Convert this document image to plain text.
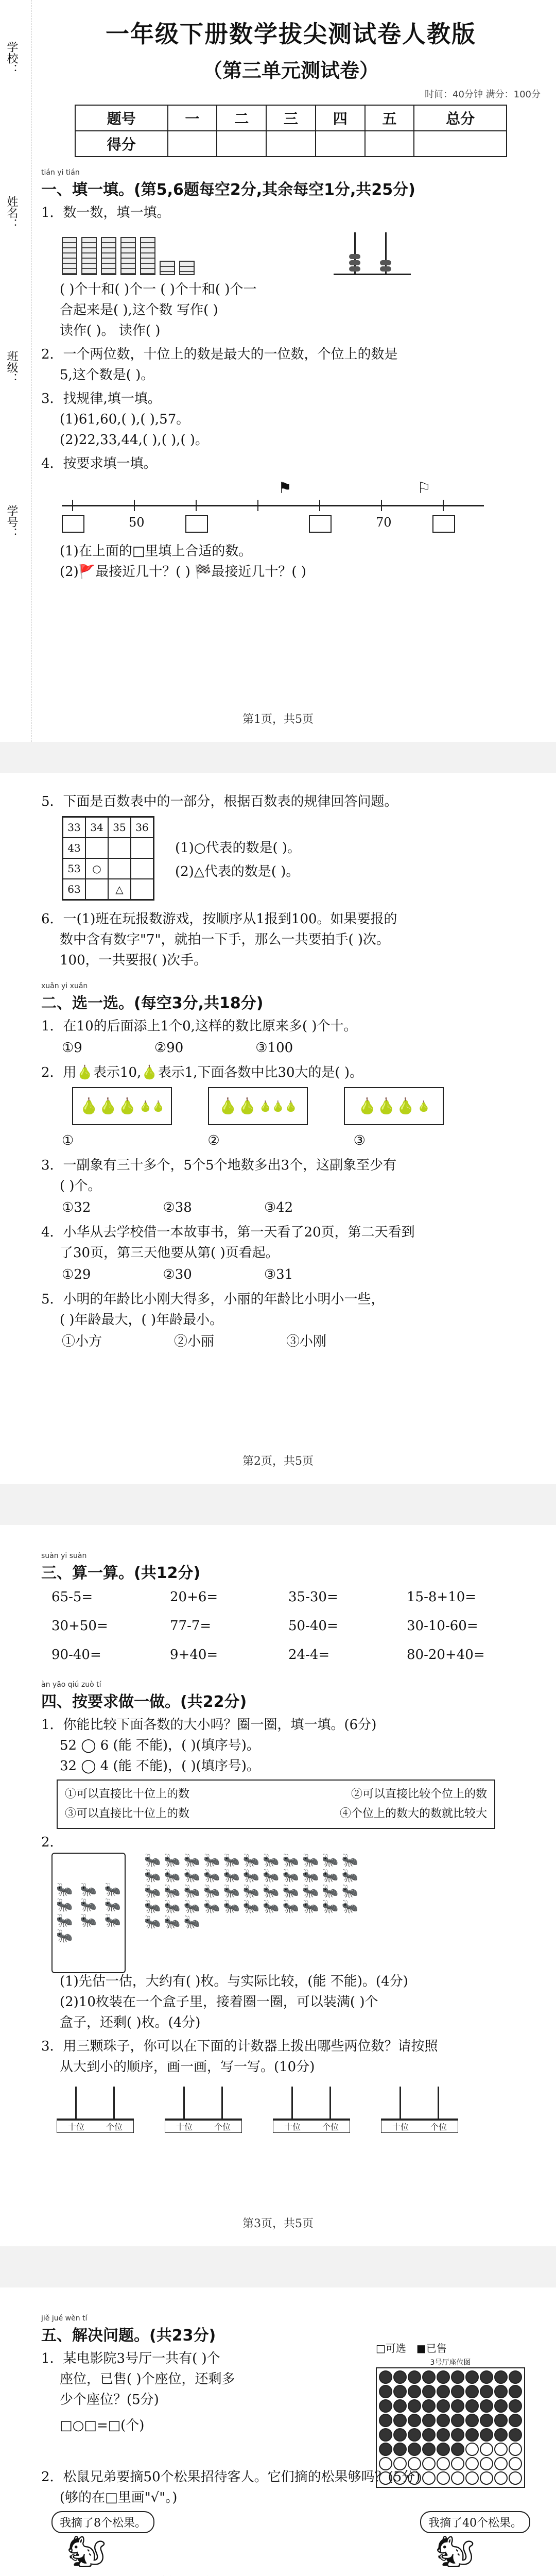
学校：
姓名：
班级：
学号：
一年级下册数学拔尖测试卷人教版
（第三单元测试卷）
时间：40分钟 满分：100分
题号	一	二	三	四	五	总分
得分						
tián yi tián
一、填一填。(第5,6题每空2分,其余每空1分,共25分)
1．数一数，填一填。
( )个十和( )个一 ( )个十和( )个一
合起来是( ),这个数 写作( )
读作( )。 读作( )
2．一个两位数，十位上的数是最大的一位数，个位上的数是
5,这个数是( )。
3．找规律,填一填。
(1)61,60,( ),( ),57。
(2)22,33,44,( ),( ),( )。
4．按要求填一填。
50	70
⚑	⚐
(1)在上面的□里填上合适的数。
(2)🚩最接近几十？( ) 🏁最接近几十？( )
第1页，共5页
5．下面是百数表中的一部分，根据百数表的规律回答问题。
33 34 35 36
43
53	○
63	△
(1)○代表的数是( )。
(2)△代表的数是( )。
6．一(1)班在玩报数游戏，按顺序从1报到100。如果要报的
数中含有数字"7"，就拍一下手，那么一共要拍手( )次。
100，一共要报( )次手。
xuǎn yi xuǎn
二、选一选。(每空3分,共18分)
1．在10的后面添上1个0,这样的数比原来多( )个十。
①9	②90	③100
2．用🍐表示10,🍐表示1,下面各数中比30大的是( )。
🍐🍐🍐 🍐🍐	🍐🍐 🍐🍐🍐	🍐🍐🍐 🍐
①	②	③
3．一副象有三十多个，5个5个地数多出3个，这副象至少有
( )个。
①32	②38	③42
4．小华从去学校借一本故事书，第一天看了20页，第二天看到
了30页，第三天他要从第( )页看起。
①29	②30	③31
5．小明的年龄比小刚大得多，小丽的年龄比小明小一些，
( )年龄最大，( )年龄最小。
①小方	②小丽	③小刚
第2页，共5页
suàn yi suàn
三、算一算。(共12分)
65-5=	20+6=	35-30=	15-8+10=
30+50=	77-7=	50-40=	30-10-60=
90-40=	9+40=	24-4=	80-20+40=
àn yāo qiú zuò tí
四、按要求做一做。(共22分)
1．你能比较下面各数的大小吗？圈一圈，填一填。(6分)
52 ◯ 6 (能 不能)，( )(填序号)。
32 ◯ 4 (能 不能)，( )(填序号)。
①可以直接比十位上的数	②可以直接比较个位上的数
③可以直接比十位上的数	④个位上的数大的数就比较大
2．
🐜 🐜 🐜
🐜 🐜 🐜
🐜 🐜 🐜
🐜
🐜🐜🐜🐜🐜🐜🐜🐜🐜🐜🐜🐜🐜🐜🐜🐜🐜🐜🐜🐜🐜🐜🐜🐜🐜🐜🐜🐜🐜🐜🐜🐜🐜🐜🐜🐜🐜🐜🐜🐜🐜🐜🐜🐜🐜🐜🐜
(1)先估一估，大约有( )枚。与实际比较，(能 不能)。(4分)
(2)10枚装在一个盒子里，接着圈一圈，可以装满( )个
盒子，还剩( )枚。(4分)
3．用三颗珠子，你可以在下面的计数器上拨出哪些两位数？请按照
从大到小的顺序，画一画，写一写。(10分)
十位	个位	十位	个位	十位	个位	十位	个位
第3页，共5页
jiě jué wèn tí
五、解决问题。(共23分)
1．某电影院3号厅一共有( )个
座位，已售( )个座位，还剩多
少个座位？(5分)
□○□=□(个)
□可选 ■已售
3号厅座位图
2．松鼠兄弟要摘50个松果招待客人。它们摘的松果够吗？(5分)
(够的在□里画"√"。)
我摘了8个松果。
🐿
我摘了40个松果。
🐿
